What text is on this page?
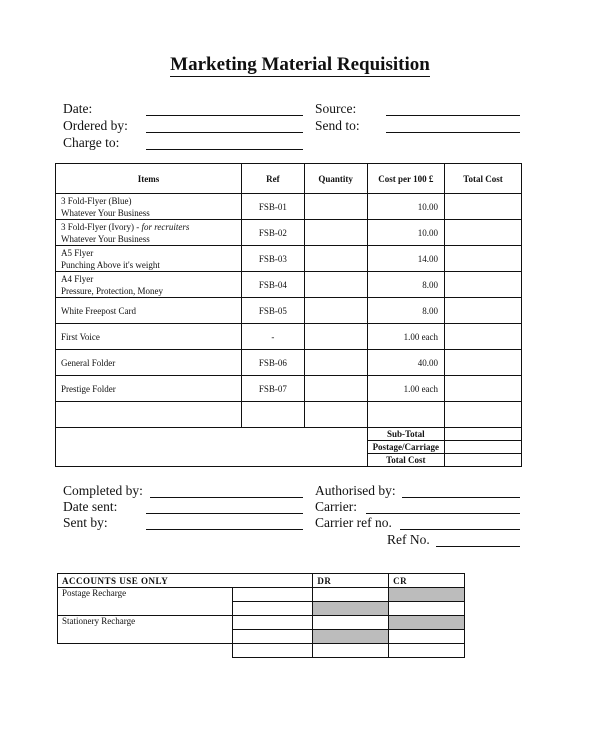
Marketing Material Requisition
Date:
Ordered by:
Charge to:
Source:
Send to:
Items	Ref	Quantity	Cost per 100 £	Total Cost

3 Fold-Flyer (Blue)
Whatever Your Business	FSB-01		10.00	

3 Fold-Flyer (Ivory) - for recruiters
Whatever Your Business	FSB-02		10.00	

A5 Flyer
Punching Above it's weight	FSB-03		14.00	

A4 Flyer
Pressure, Protection, Money	FSB-04		8.00	
White Freepost Card	FSB-05		8.00	
First Voice	-		1.00 each	
General Folder	FSB-06		40.00	
Prestige Folder	FSB-07		1.00 each	

			Sub-Total	
			Postage/Carriage	
			Total Cost	
Completed by:
Date sent:
Sent by:
Authorised by:
Carrier:
Carrier ref no.
Ref No.
ACCOUNTS USE ONLY		DR	CR
Postage Recharge			

Stationery Recharge			
